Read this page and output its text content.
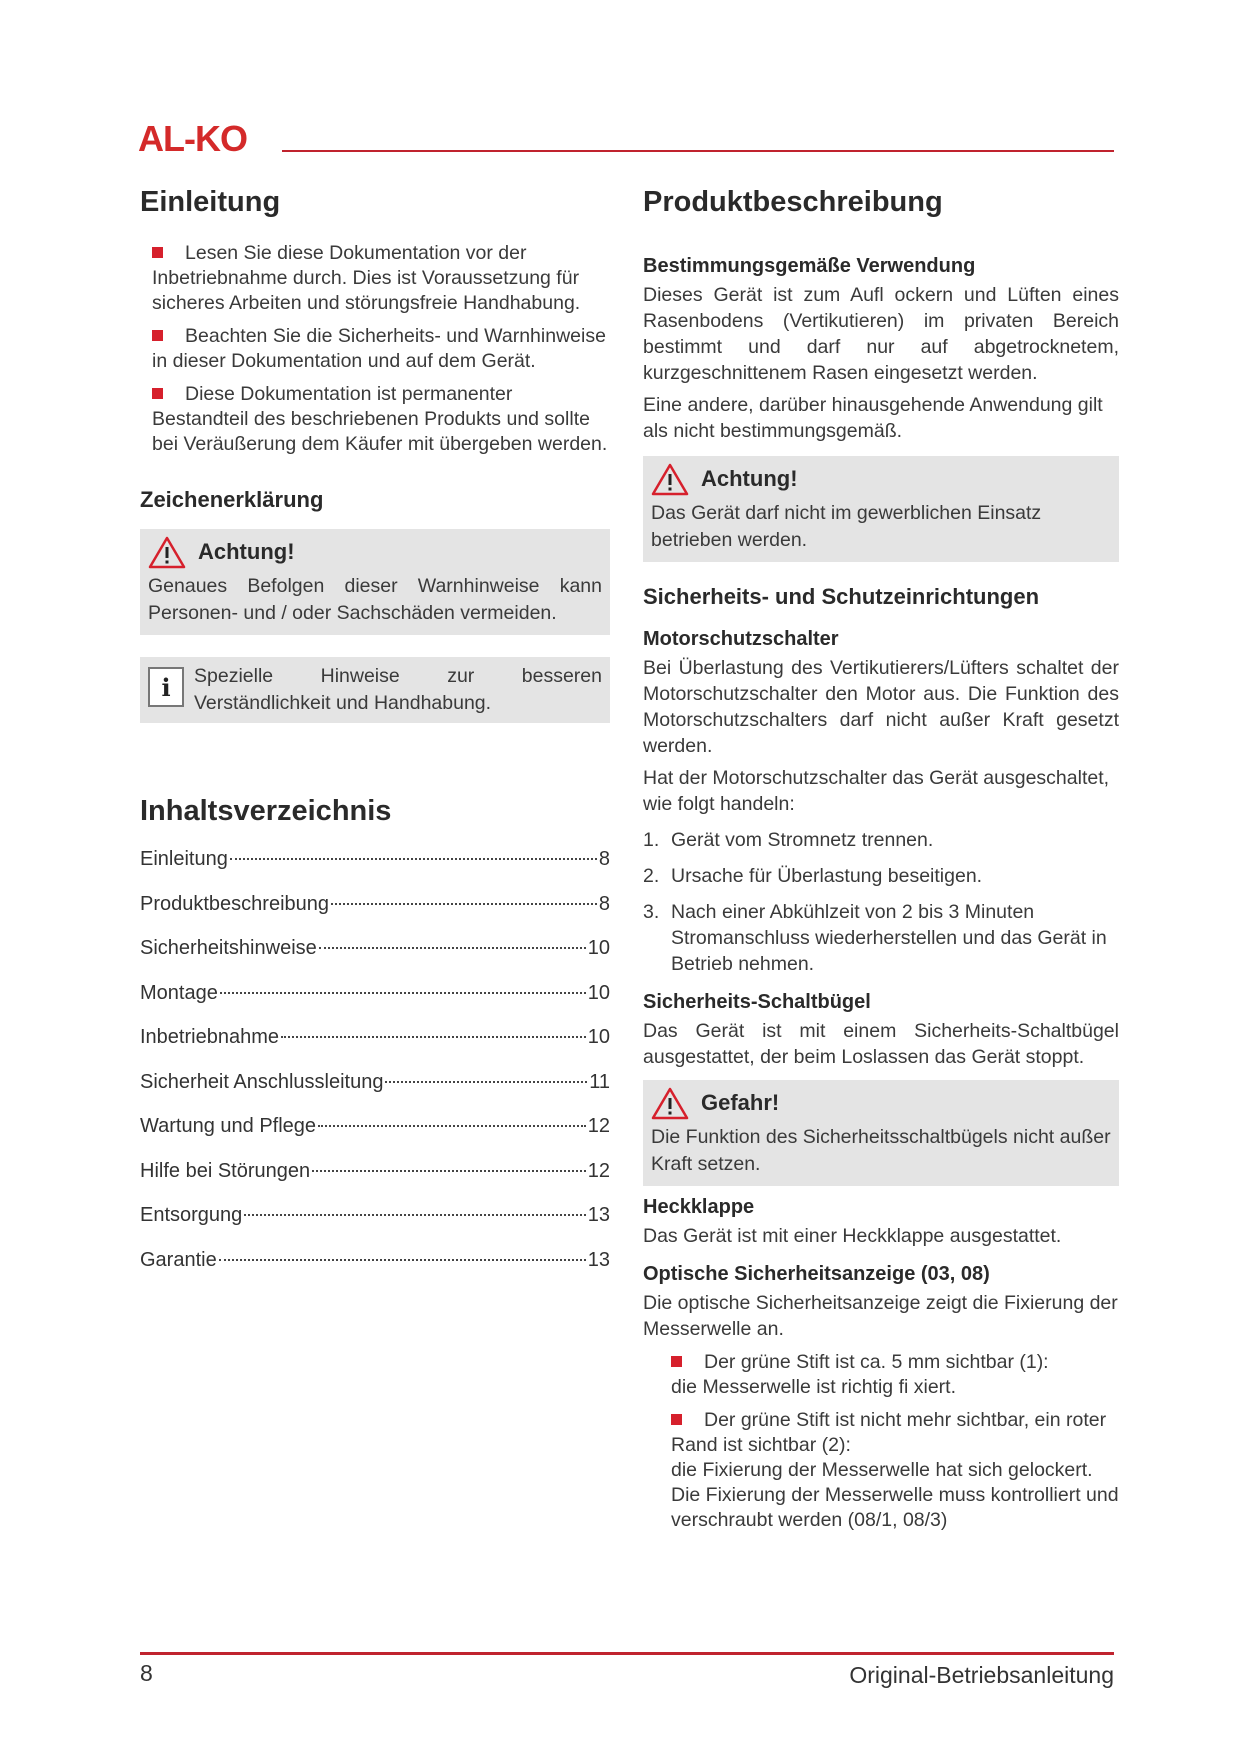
AL-KO
Einleitung
Lesen Sie diese Dokumentation vor der Inbetriebnahme durch. Dies ist Voraussetzung für sicheres Arbeiten und störungsfreie Handhabung.
Beachten Sie die Sicherheits- und Warnhinweise in dieser Dokumentation und auf dem Gerät.
Diese Dokumentation ist permanenter Bestandteil des beschriebenen Produkts und sollte bei Veräußerung dem Käufer mit übergeben werden.
Zeichenerklärung
Achtung!
Genaues Befolgen dieser Warnhinweise kann Personen- und / oder Sachschäden vermeiden.
i	Spezielle Hinweise zur besseren Verständlichkeit und Handhabung.
Inhaltsverzeichnis
Einleitung	8
Produktbeschreibung	8
Sicherheitshinweise	10
Montage	10
Inbetriebnahme	10
Sicherheit Anschlussleitung	11
Wartung und Pflege	12
Hilfe bei Störungen	12
Entsorgung	13
Garantie	13
Produktbeschreibung
Bestimmungsgemäße Verwendung
Dieses Gerät ist zum Aufl ockern und Lüften eines Rasenbodens (Vertikutieren) im privaten Bereich bestimmt und darf nur auf abgetrocknetem, kurzgeschnittenem Rasen eingesetzt werden.
Eine andere, darüber hinausgehende Anwendung gilt als nicht bestimmungsgemäß.
Achtung!
Das Gerät darf nicht im gewerblichen Einsatz betrieben werden.
Sicherheits- und Schutzeinrichtungen
Motorschutzschalter
Bei Überlastung des Vertikutierers/Lüfters schaltet der Motorschutzschalter den Motor aus. Die Funktion des Motorschutzschalters darf nicht außer Kraft gesetzt werden.
Hat der Motorschutzschalter das Gerät ausgeschaltet, wie folgt handeln:
1. Gerät vom Stromnetz trennen.
2. Ursache für Überlastung beseitigen.
3. Nach einer Abkühlzeit von 2 bis 3 Minuten Stromanschluss wiederherstellen und das Gerät in Betrieb nehmen.
Sicherheits-Schaltbügel
Das Gerät ist mit einem Sicherheits-Schaltbügel ausgestattet, der beim Loslassen das Gerät stoppt.
Gefahr!
Die Funktion des Sicherheitsschaltbügels nicht außer Kraft setzen.
Heckklappe
Das Gerät ist mit einer Heckklappe ausgestattet.
Optische Sicherheitsanzeige (03, 08)
Die optische Sicherheitsanzeige zeigt die Fixierung der Messerwelle an.
Der grüne Stift ist ca. 5 mm sichtbar (1):
die Messerwelle ist richtig fi xiert.
Der grüne Stift ist nicht mehr sichtbar, ein roter Rand ist sichtbar (2):
die Fixierung der Messerwelle hat sich gelockert.
Die Fixierung der Messerwelle muss kontrolliert und verschraubt werden (08/1, 08/3)
8	Original-Betriebsanleitung
